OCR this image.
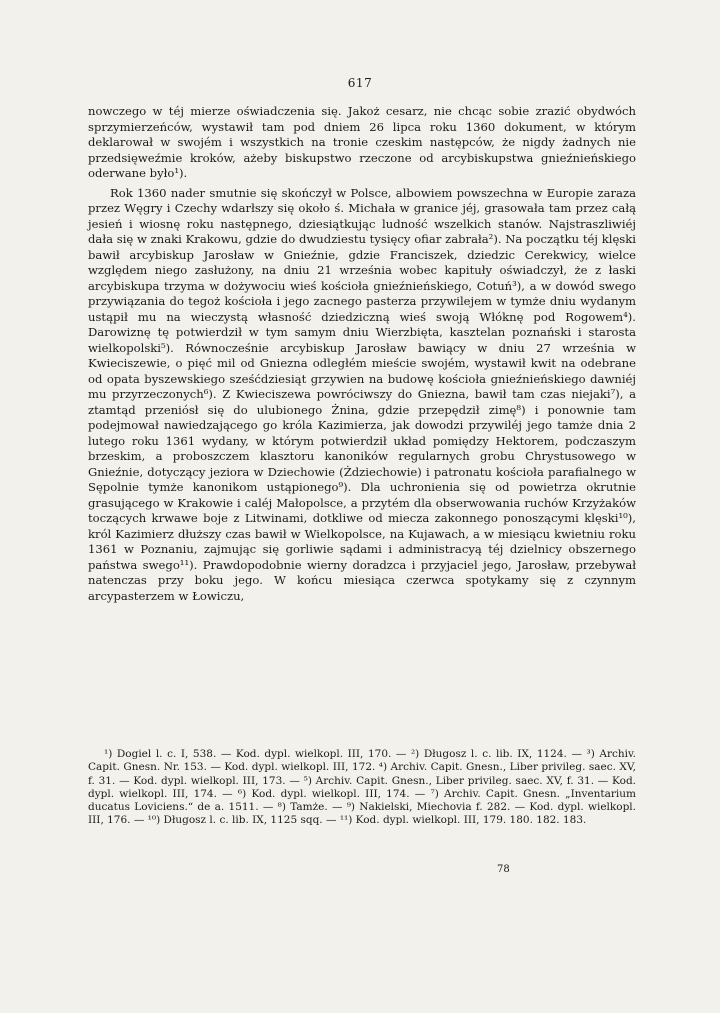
617

nowczego w téj mierze oświadczenia się. Jakoż cesarz, nie chcąc sobie zrazić obydwóch sprzymierzeńców, wystawił tam pod dniem 26 lipca roku 1360 dokument, w którym deklarował w swojém i wszystkich na tronie czeskim następców, że nigdy żadnych nie przedsięweźmie kroków, ażeby biskupstwo rzeczone od arcybiskupstwa gnieźnieńskiego oderwane było¹).

Rok 1360 nader smutnie się skończył w Polsce, albowiem powszechna w Europie zaraza przez Węgry i Czechy wdarłszy się około ś. Michała w granice jéj, grasowała tam przez całą jesień i wiosnę roku następnego, dziesiątkując ludność wszelkich stanów. Najstraszliwiéj dała się w znaki Krakowu, gdzie do dwudziestu tysięcy ofiar zabrała²). Na początku téj klęski bawił arcybiskup Jarosław w Gnieźnie, gdzie Franciszek, dziedzic Cerekwicy, wielce względem niego zasłużony, na dniu 21 września wobec kapituły oświadczył, że z łaski arcybiskupa trzyma w dożywociu wieś kościoła gnieźnieńskiego, Cotuń³), a w dowód swego przywiązania do tegoż kościoła i jego zacnego pasterza przywilejem w tymże dniu wydanym ustąpił mu na wieczystą własność dziedziczną wieś swoją Włóknę pod Rogowem⁴). Darowiznę tę potwierdził w tym samym dniu Wierzbięta, kasztelan poznański i starosta wielkopolski⁵). Równocześnie arcybiskup Jarosław bawiący w dniu 27 września w Kwieciszewie, o pięć mil od Gniezna odległém mieście swojém, wystawił kwit na odebrane od opata byszewskiego sześćdziesiąt grzywien na budowę kościoła gnieźnieńskiego dawniéj mu przyrzeczonych⁶). Z Kwieciszewa powróciwszy do Gniezna, bawił tam czas niejaki⁷), a ztamtąd przeniósł się do ulubionego Żnina, gdzie przepędził zimę⁸) i ponownie tam podejmował nawiedzającego go króla Kazimierza, jak dowodzi przywiléj jego tamże dnia 2 lutego roku 1361 wydany, w którym potwierdził układ pomiędzy Hektorem, podczaszym brzeskim, a proboszczem klasztoru kanoników regularnych grobu Chrystusowego w Gnieźnie, dotyczący jeziora w Dziechowie (Żdziechowie) i patronatu kościoła parafialnego w Sępolnie tymże kanonikom ustąpionego⁹). Dla uchronienia się od powietrza okrutnie grasującego w Krakowie i caléj Małopolsce, a przytém dla obserwowania ruchów Krzyżaków toczących krwawe boje z Litwinami, dotkliwe od miecza zakonnego ponoszącymi klęski¹⁰), król Kazimierz dłuższy czas bawił w Wielkopolsce, na Kujawach, a w miesiącu kwietniu roku 1361 w Poznaniu, zajmując się gorliwie sądami i administracyą téj dzielnicy obszernego państwa swego¹¹). Prawdopodobnie wierny doradzca i przyjaciel jego, Jarosław, przebywał natenczas przy boku jego. W końcu miesiąca czerwca spotykamy się z czynnym arcypasterzem w Łowiczu,

¹) Dogiel l. c. I, 538. — Kod. dypl. wielkopl. III, 170. — ²) Długosz l. c. lib. IX, 1124. — ³) Archiv. Capit. Gnesn. Nr. 153. — Kod. dypl. wielkopl. III, 172. ⁴) Archiv. Capit. Gnesn., Liber privileg. saec. XV, f. 31. — Kod. dypl. wielkopl. III, 173. — ⁵) Archiv. Capit. Gnesn., Liber privileg. saec. XV, f. 31. — Kod. dypl. wielkopl. III, 174. — ⁶) Kod. dypl. wielkopl. III, 174. — ⁷) Archiv. Capit. Gnesn. „Inventarium ducatus Loviciens.“ de a. 1511. — ⁸) Tamże. — ⁹) Nakielski, Miechovia f. 282. — Kod. dypl. wielkopl. III, 176. — ¹⁰) Długosz l. c. lib. IX, 1125 sqq. — ¹¹) Kod. dypl. wielkopl. III, 179. 180. 182. 183.
78
